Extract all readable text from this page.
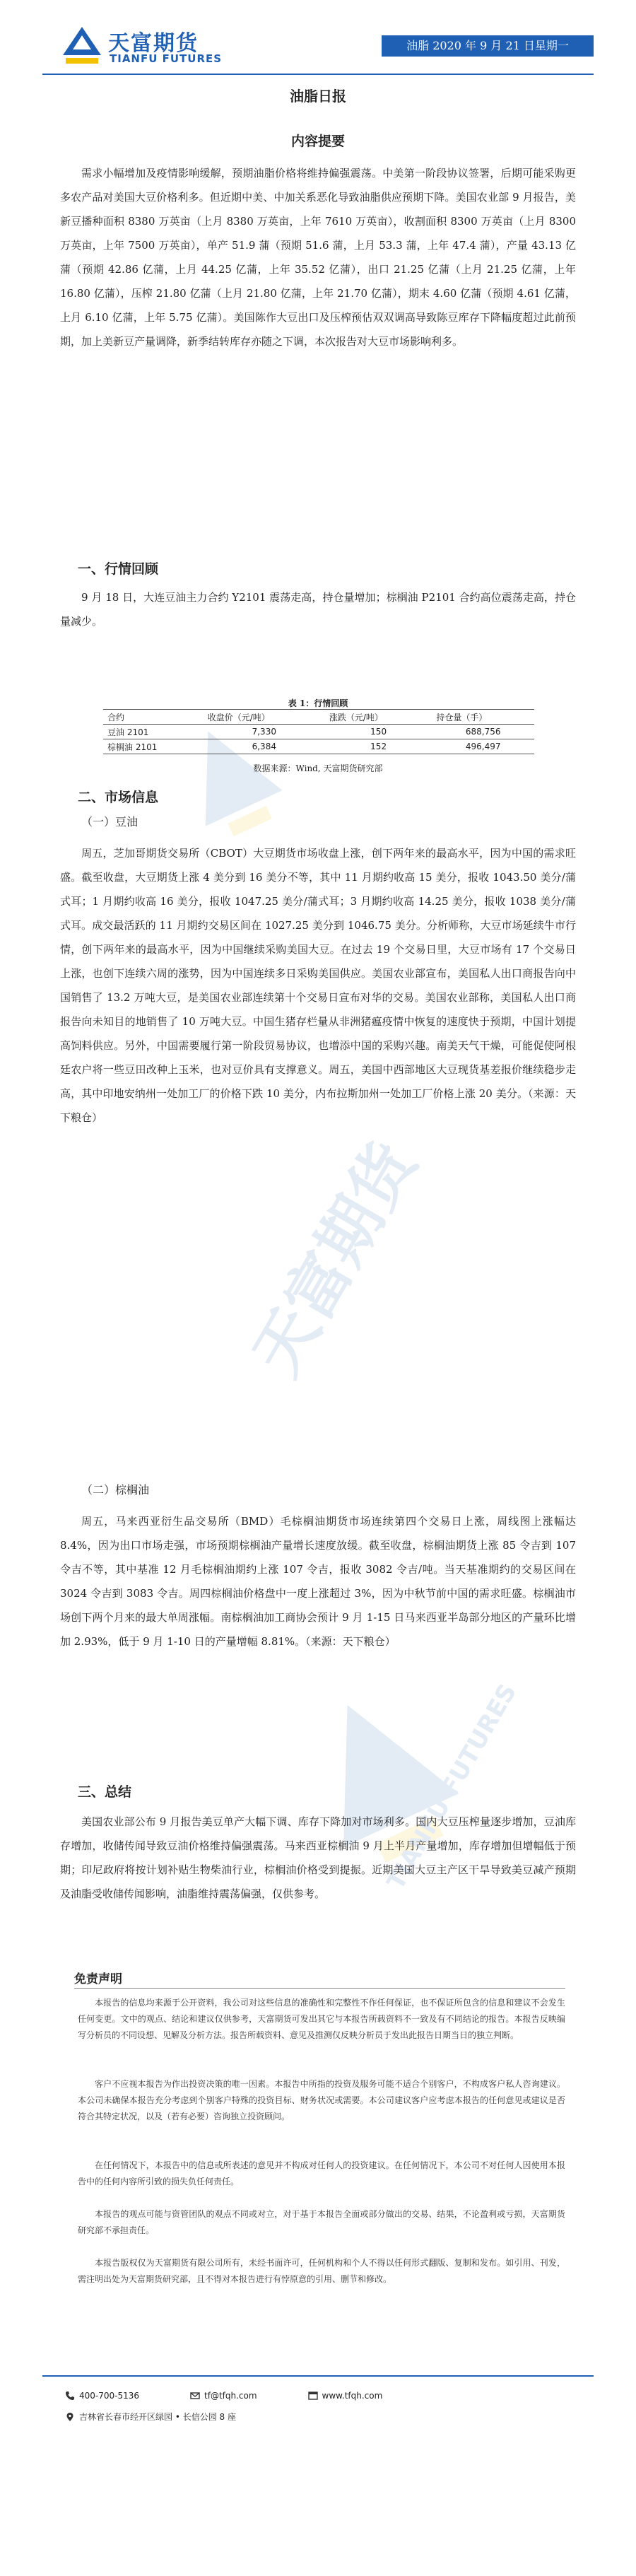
天富期货
TIANFU FUTURES
天富期货
TIANFU FUTURES
油脂 2020 年 9 月 21 日星期一
油脂日报
内容提要

需求小幅增加及疫情影响缓解，预期油脂价格将维持偏强震荡。中美第一阶段协议签署，后期可能采购更多农产品对美国大豆价格利多。但近期中美、中加关系恶化导致油脂供应预期下降。美国农业部 9 月报告，美新豆播种面积 8380 万英亩（上月 8380 万英亩，上年 7610 万英亩），收割面积 8300 万英亩（上月 8300 万英亩，上年 7500 万英亩），单产 51.9 蒲（预期 51.6 蒲，上月 53.3 蒲，上年 47.4 蒲），产量 43.13 亿蒲（预期 42.86 亿蒲，上月 44.25 亿蒲，上年 35.52 亿蒲），出口 21.25 亿蒲（上月 21.25 亿蒲，上年 16.80 亿蒲），压榨 21.80 亿蒲（上月 21.80 亿蒲，上年 21.70 亿蒲），期末 4.60 亿蒲（预期 4.61 亿蒲，上月 6.10 亿蒲，上年 5.75 亿蒲）。美国陈作大豆出口及压榨预估双双调高导致陈豆库存下降幅度超过此前预期，加上美新豆产量调降，新季结转库存亦随之下调，本次报告对大豆市场影响利多。

一、行情回顾

9 月 18 日，大连豆油主力合约 Y2101 震荡走高，持仓量增加；棕榈油 P2101 合约高位震荡走高，持仓量减少。

表 1：行情回顾
合约	收盘价（元/吨）	涨跌（元/吨）	持仓量（手）
豆油 2101	7,330	150	688,756
棕榈油 2101	6,384	152	496,497
数据来源：Wind, 天富期货研究部
二、市场信息
（一）豆油

周五，芝加哥期货交易所（CBOT）大豆期货市场收盘上涨，创下两年来的最高水平，因为中国的需求旺盛。截至收盘，大豆期货上涨 4 美分到 16 美分不等，其中 11 月期约收高 15 美分，报收 1043.50 美分/蒲式耳；1 月期约收高 16 美分，报收 1047.25 美分/蒲式耳；3 月期约收高 14.25 美分，报收 1038 美分/蒲式耳。成交最活跃的 11 月期约交易区间在 1027.25 美分到 1046.75 美分。分析师称，大豆市场延续牛市行情，创下两年来的最高水平，因为中国继续采购美国大豆。在过去 19 个交易日里，大豆市场有 17 个交易日上涨，也创下连续六周的涨势，因为中国连续多日采购美国供应。美国农业部宣布，美国私人出口商报告向中国销售了 13.2 万吨大豆，是美国农业部连续第十个交易日宣布对华的交易。美国农业部称，美国私人出口商报告向未知目的地销售了 10 万吨大豆。中国生猪存栏量从非洲猪瘟疫情中恢复的速度快于预期，中国计划提高饲料供应。另外，中国需要履行第一阶段贸易协议，也增添中国的采购兴趣。南美天气干燥，可能促使阿根廷农户将一些豆田改种上玉米，也对豆价具有支撑意义。周五，美国中西部地区大豆现货基差报价继续稳步走高，其中印地安纳州一处加工厂的价格下跌 10 美分，内布拉斯加州一处加工厂价格上涨 20 美分。（来源：天下粮仓）

（二）棕榈油

周五，马来西亚衍生品交易所（BMD）毛棕榈油期货市场连续第四个交易日上涨，周线图上涨幅达 8.4%，因为出口市场走强，市场预期棕榈油产量增长速度放缓。截至收盘，棕榈油期货上涨 85 令吉到 107 令吉不等，其中基准 12 月毛棕榈油期约上涨 107 令吉，报收 3082 令吉/吨。当天基准期约的交易区间在 3024 令吉到 3083 令吉。周四棕榈油价格盘中一度上涨超过 3%，因为中秋节前中国的需求旺盛。棕榈油市场创下两个月来的最大单周涨幅。南棕榈油加工商协会预计 9 月 1-15 日马来西亚半岛部分地区的产量环比增加 2.93%，低于 9 月 1-10 日的产量增幅 8.81%。（来源：天下粮仓）

三、总结

美国农业部公布 9 月报告美豆单产大幅下调、库存下降加对市场利多。国内大豆压榨量逐步增加，豆油库存增加，收储传闻导致豆油价格维持偏强震荡。马来西亚棕榈油 9 月上半月产量增加，库存增加但增幅低于预期；印尼政府将按计划补贴生物柴油行业，棕榈油价格受到提振。近期美国大豆主产区干旱导致美豆减产预期及油脂受收储传闻影响，油脂维持震荡偏强，仅供参考。

免责声明

本报告的信息均来源于公开资料，我公司对这些信息的准确性和完整性不作任何保证，也不保证所包含的信息和建议不会发生任何变更。文中的观点、结论和建议仅供参考，天富期货可发出其它与本报告所载资料不一致及有不同结论的报告。本报告反映编写分析员的不同设想、见解及分析方法。报告所载资料、意见及推测仅反映分析员于发出此报告日期当日的独立判断。

客户不应视本报告为作出投资决策的唯一因素。本报告中所指的投资及服务可能不适合个别客户，不构成客户私人咨询建议。本公司未确保本报告充分考虑到个别客户特殊的投资目标、财务状况或需要。本公司建议客户应考虑本报告的任何意见或建议是否符合其特定状况，以及（若有必要）咨询独立投资顾问。

在任何情况下，本报告中的信息或所表述的意见并不构成对任何人的投资建议。在任何情况下，本公司不对任何人因使用本报告中的任何内容所引致的损失负任何责任。

本报告的观点可能与资管团队的观点不同或对立，对于基于本报告全面或部分做出的交易、结果，不论盈利或亏损，天富期货研究部不承担责任。

本报告版权仅为天富期货有限公司所有，未经书面许可，任何机构和个人不得以任何形式翻版、复制和发布。如引用、刊发，需注明出处为天富期货研究部，且不得对本报告进行有悖原意的引用、删节和修改。

400-700-5136	tf@tfqh.com	www.tfqh.com
吉林省长春市经开区绿园 • 长信公园 8 座
